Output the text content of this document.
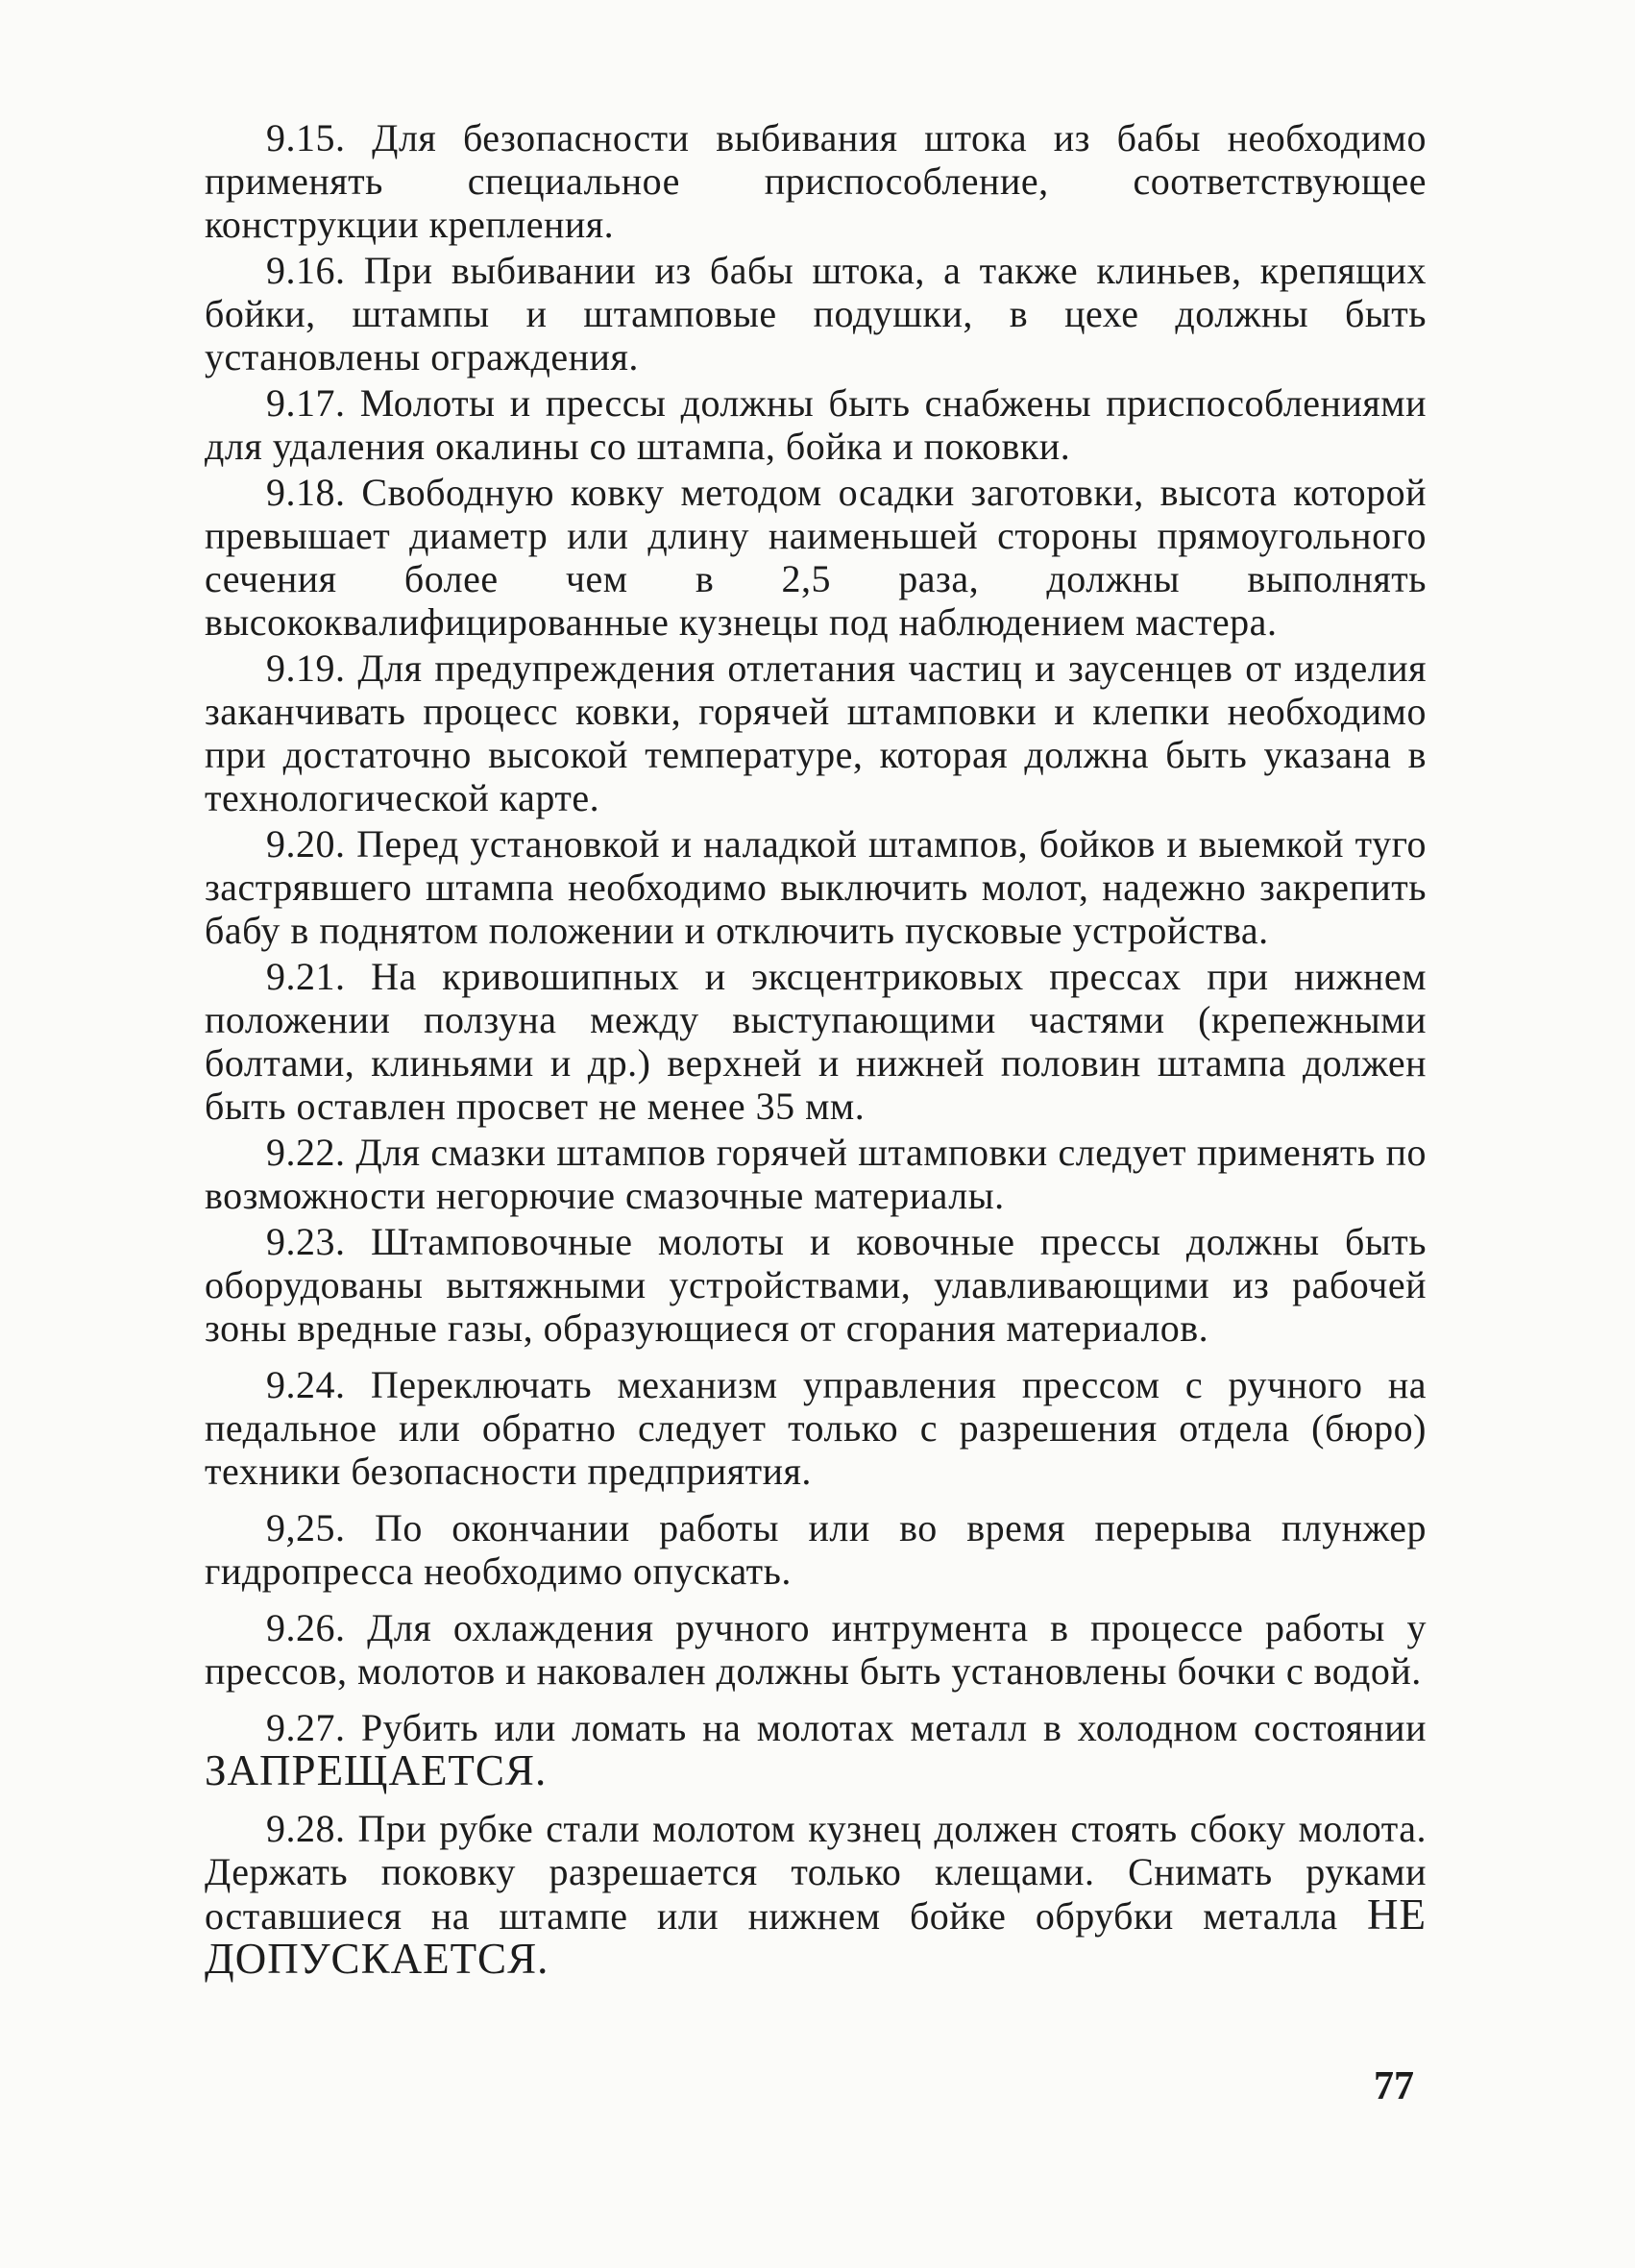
9.15. Для безопасности выбивания штока из бабы необходимо применять специальное приспособление, соответствующее конструкции крепления.

9.16. При выбивании из бабы штока, а также клиньев, крепящих бойки, штампы и штамповые подушки, в цехе должны быть установлены ограждения.

9.17. Молоты и прессы должны быть снабжены приспособлениями для удаления окалины со штампа, бойка и поковки.

9.18. Свободную ковку методом осадки заготовки, высота которой превышает диаметр или длину наименьшей стороны прямоугольного сечения более чем в 2,5 раза, должны выполнять высококвалифицированные кузнецы под наблюдением мастера.

9.19. Для предупреждения отлетания частиц и заусенцев от изделия заканчивать процесс ковки, горячей штамповки и клепки необходимо при достаточно высокой температуре, которая должна быть указана в технологической карте.

9.20. Перед установкой и наладкой штампов, бойков и выемкой туго застрявшего штампа необходимо выключить молот, надежно закрепить бабу в поднятом положении и отключить пусковые устройства.

9.21. На кривошипных и эксцентриковых прессах при нижнем положении ползуна между выступающими частями (крепежными болтами, клиньями и др.) верхней и нижней половин штампа должен быть оставлен просвет не менее 35 мм.

9.22. Для смазки штампов горячей штамповки следует применять по возможности негорючие смазочные материалы.

9.23. Штамповочные молоты и ковочные прессы должны быть оборудованы вытяжными устройствами, улавливающими из рабочей зоны вредные газы, образующиеся от сгорания материалов.

9.24. Переключать механизм управления прессом с ручного на педальное или обратно следует только с разрешения отдела (бюро) техники безопасности предприятия.

9,25. По окончании работы или во время перерыва плунжер гидропресса необходимо опускать.

9.26. Для охлаждения ручного интрумента в процессе работы у прессов, молотов и наковален должны быть установлены бочки с водой.

9.27. Рубить или ломать на молотах металл в холодном состоянии ЗАПРЕЩАЕТСЯ.

9.28. При рубке стали молотом кузнец должен стоять сбоку молота. Держать поковку разрешается только клещами. Снимать руками оставшиеся на штампе или нижнем бойке обрубки металла НЕ ДОПУСКАЕТСЯ.

77
